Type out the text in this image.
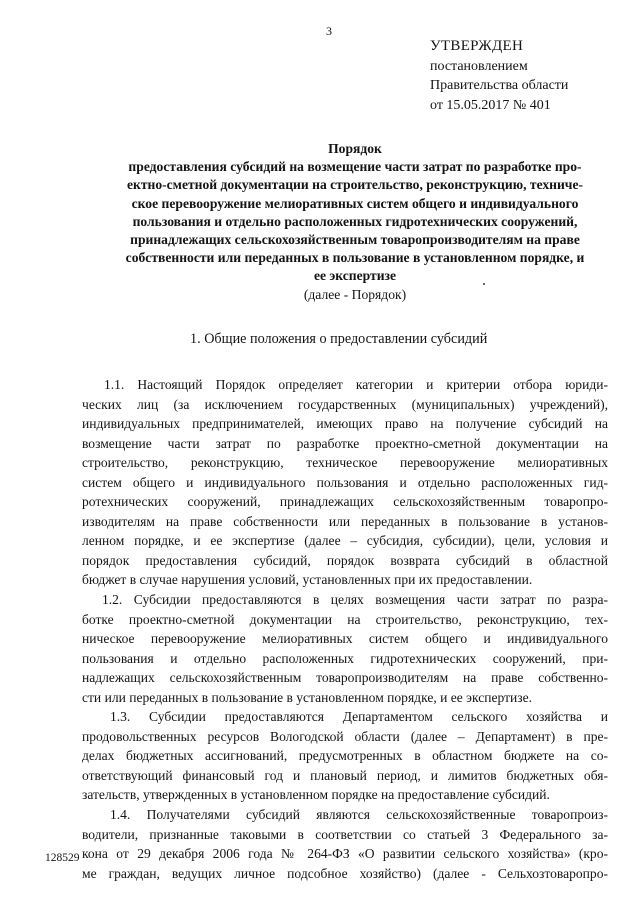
3
УТВЕРЖДЕН
постановлением
Правительства области
от 15.05.2017 № 401
Порядок
предоставления субсидий на возмещение части затрат по разработке про-
ектно-сметной документации на строительство, реконструкцию, техниче-
ское перевооружение мелиоративных систем общего и индивидуального
пользования и отдельно расположенных гидротехнических сооружений,
принадлежащих сельскохозяйственным товаропроизводителям на праве
собственности или переданных в пользование в установленном порядке, и
ее экспертизе
(далее - Порядок)
1. Общие положения о предоставлении субсидий
1.1. Настоящий Порядок определяет категории и критерии отбора юриди-
ческих лиц (за исключением государственных (муниципальных) учреждений),
индивидуальных предпринимателей, имеющих право на получение субсидий на
возмещение части затрат по разработке проектно-сметной документации на
строительство, реконструкцию, техническое перевооружение мелиоративных
систем общего и индивидуального пользования и отдельно расположенных гид-
ротехнических сооружений, принадлежащих сельскохозяйственным товаропро-
изводителям на праве собственности или переданных в пользование в установ-
ленном порядке, и ее экспертизе (далее – субсидия, субсидии), цели, условия и
порядок предоставления субсидий, порядок возврата субсидий в областной
бюджет в случае нарушения условий, установленных при их предоставлении.
1.2. Субсидии предоставляются в целях возмещения части затрат по разра-
ботке проектно-сметной документации на строительство, реконструкцию, тех-
ническое перевооружение мелиоративных систем общего и индивидуального
пользования и отдельно расположенных гидротехнических сооружений, при-
надлежащих сельскохозяйственным товаропроизводителям на праве собственно-
сти или переданных в пользование в установленном порядке, и ее экспертизе.
1.3. Субсидии предоставляются Департаментом сельского хозяйства и
продовольственных ресурсов Вологодской области (далее – Департамент) в пре-
делах бюджетных ассигнований, предусмотренных в областном бюджете на со-
ответствующий финансовый год и плановый период, и лимитов бюджетных обя-
зательств, утвержденных в установленном порядке на предоставление субсидий.
1.4. Получателями субсидий являются сельскохозяйственные товаропроиз-
водители, признанные таковыми в соответствии со статьей 3 Федерального за-
кона от 29 декабря 2006 года № 264-ФЗ «О развитии сельского хозяйства» (кро-
ме граждан, ведущих личное подсобное хозяйство) (далее - Сельхозтоваропро-
128529
